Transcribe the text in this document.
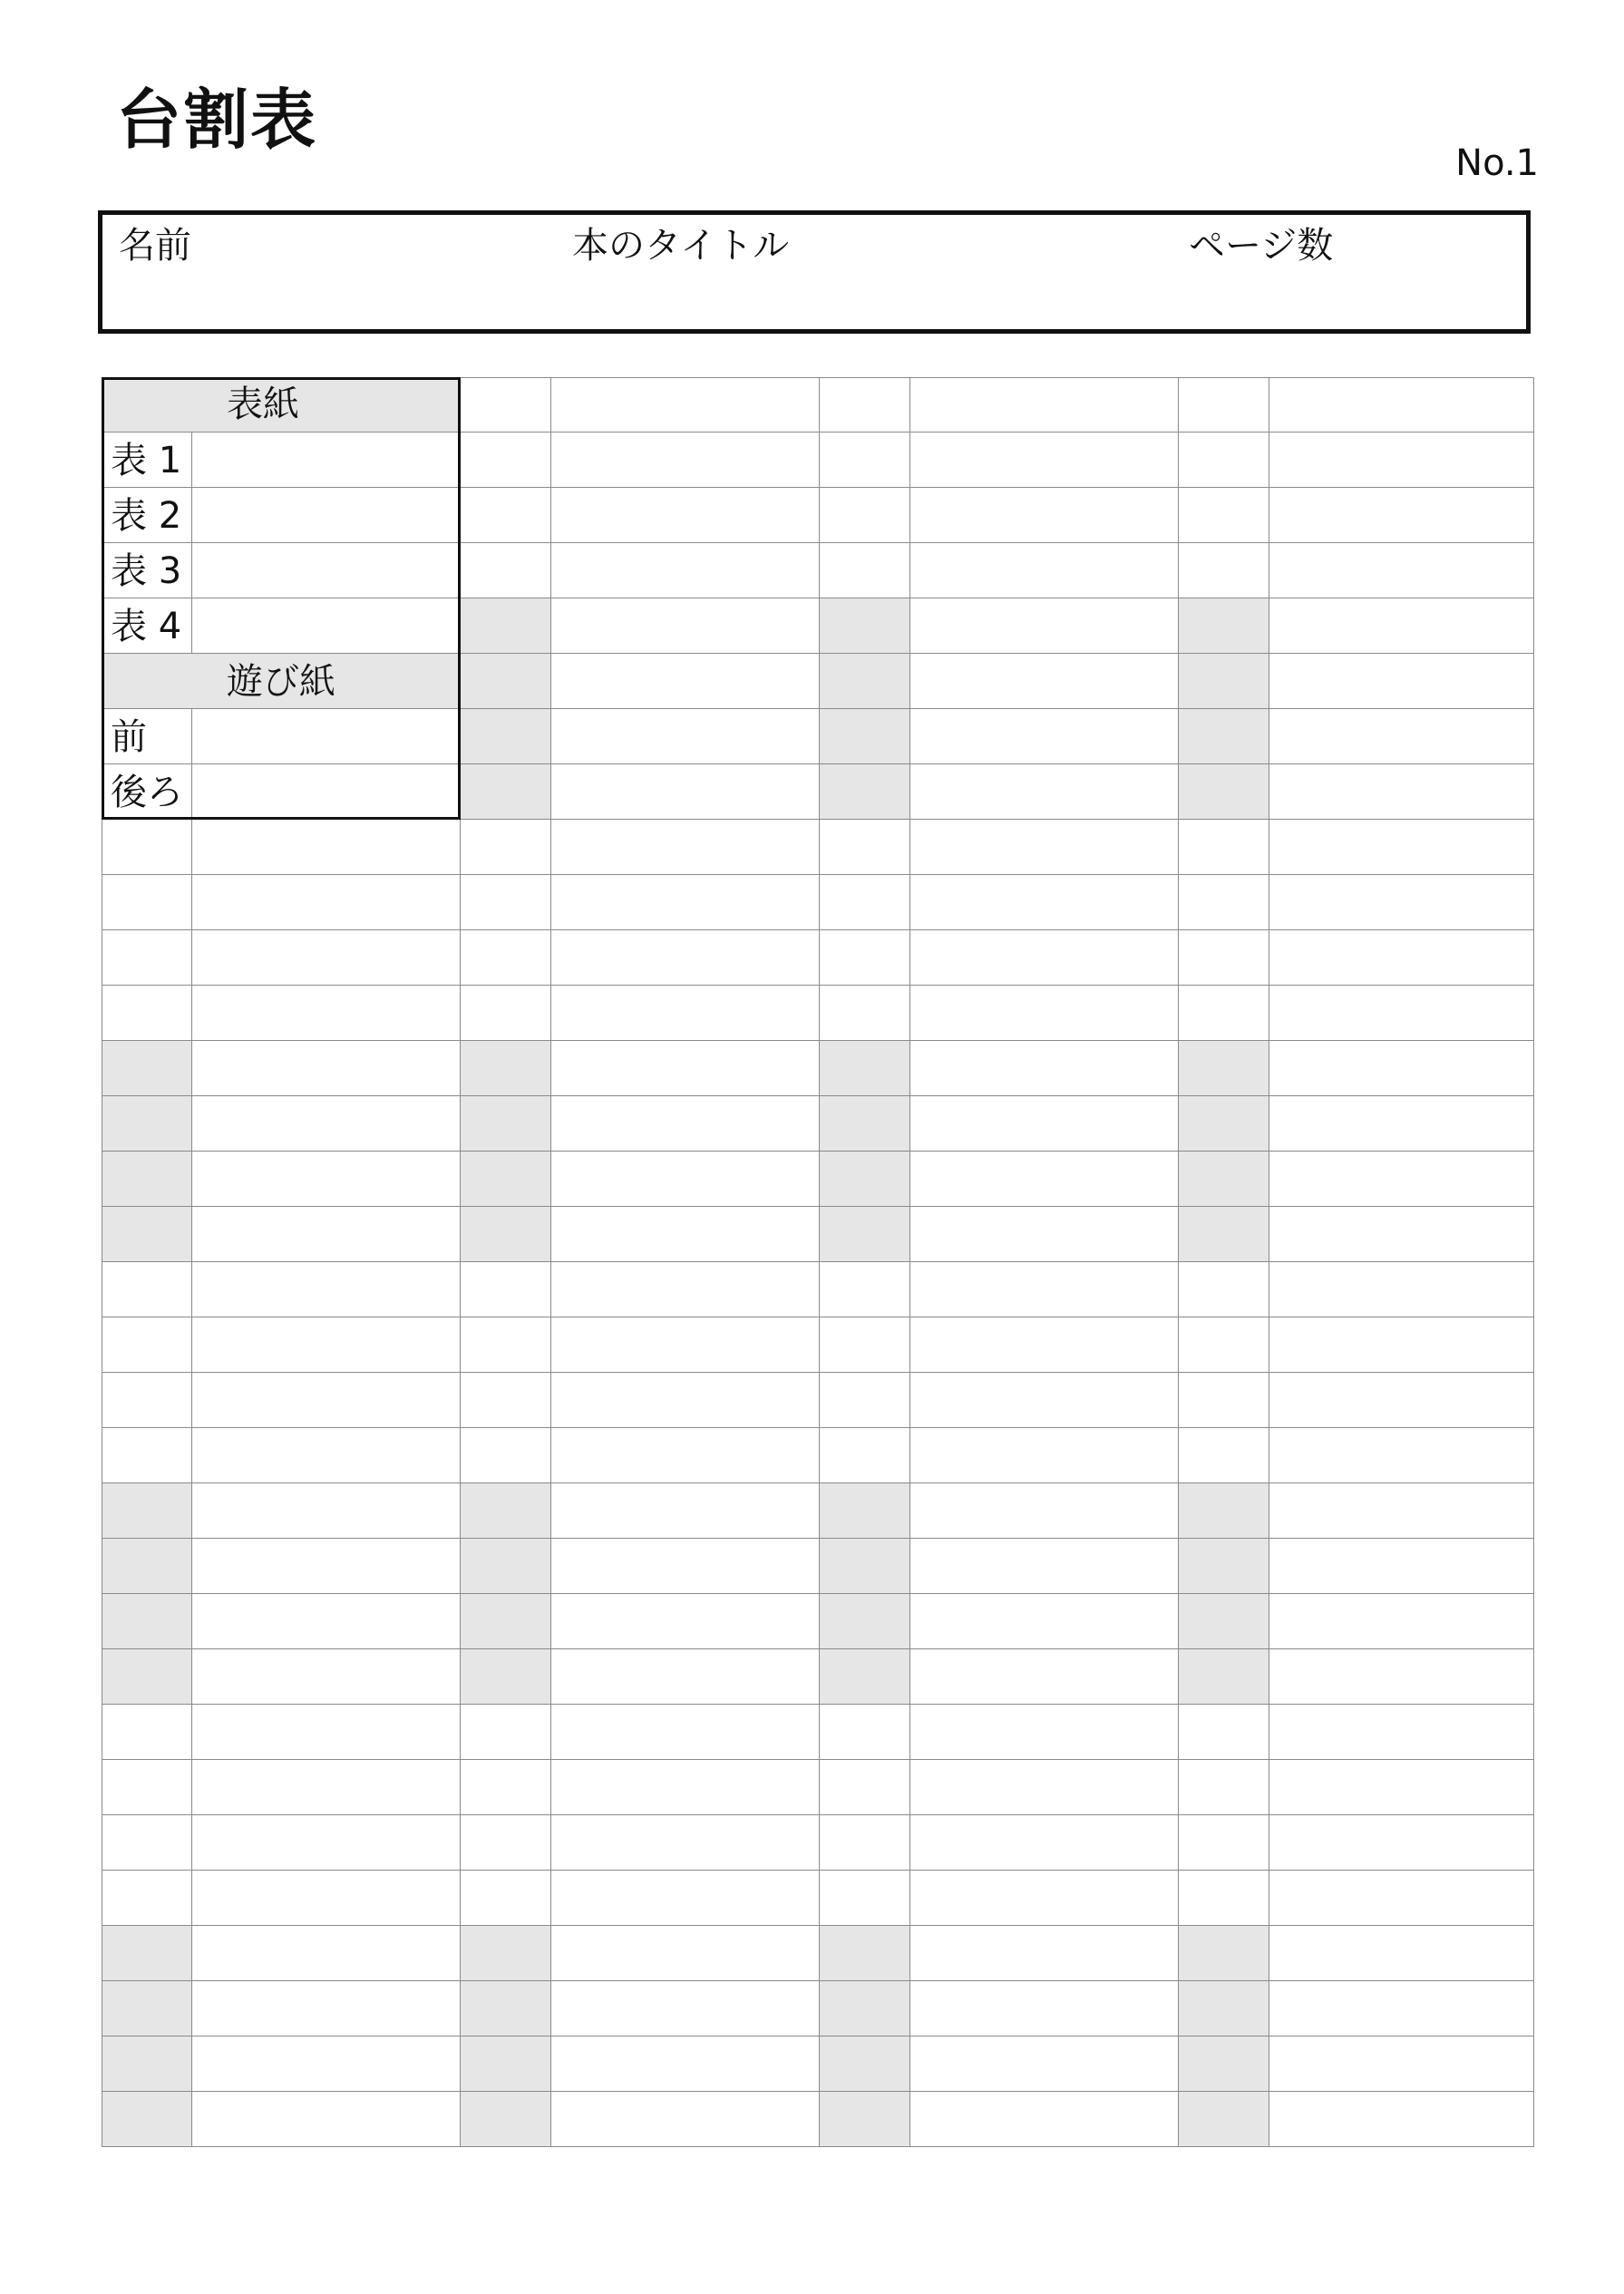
台割表
No.1
名前	本のタイトル	ページ数
表紙
表 1
表 2
表 3
表 4
遊び紙
前
後ろ
